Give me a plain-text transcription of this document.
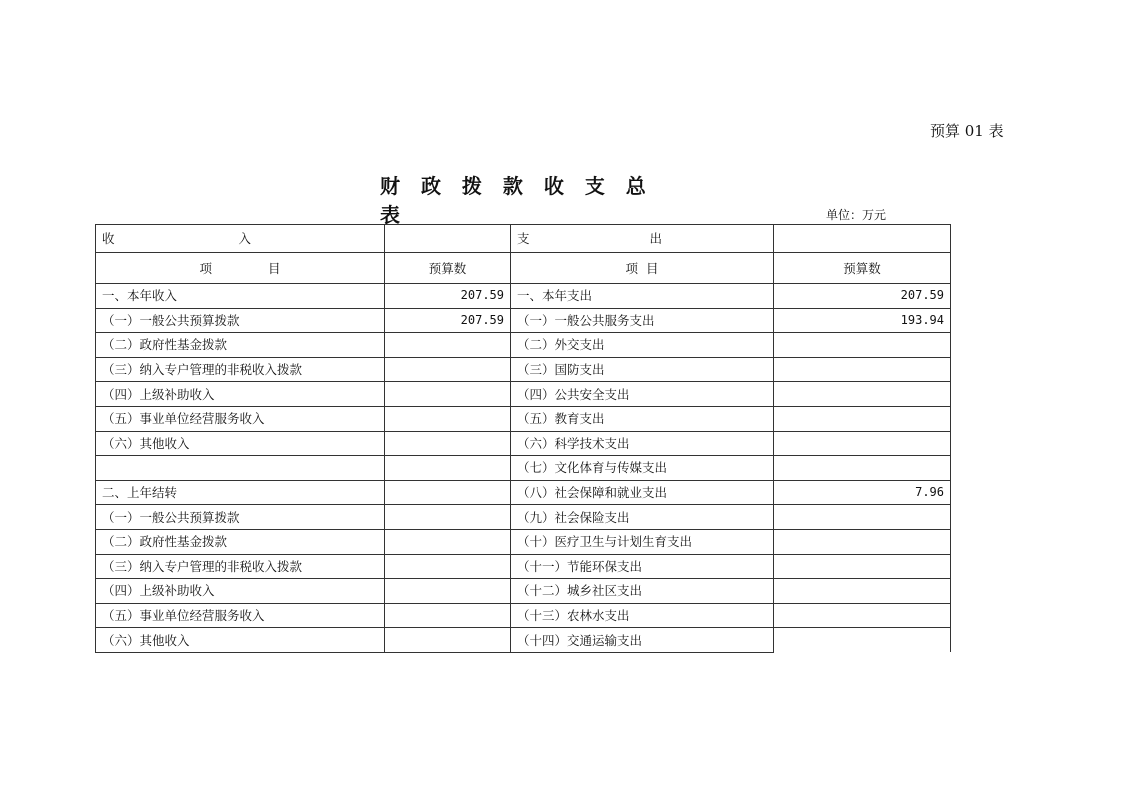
预算 01 表
财 政 拨 款 收 支 总 表	单位：万元
收 入		支 出	
项 目	预算数	项 目	预算数
一、本年收入	207.59	一、本年支出	207.59
（一）一般公共预算拨款	207.59	（一）一般公共服务支出	193.94
（二）政府性基金拨款		（二）外交支出	
（三）纳入专户管理的非税收入拨款		（三）国防支出	
（四）上级补助收入		（四）公共安全支出	
（五）事业单位经营服务收入		（五）教育支出	
（六）其他收入		（六）科学技术支出	
		（七）文化体育与传媒支出	
二、上年结转		（八）社会保障和就业支出	7.96
（一）一般公共预算拨款		（九）社会保险支出	
（二）政府性基金拨款		（十）医疗卫生与计划生育支出	
（三）纳入专户管理的非税收入拨款		（十一）节能环保支出	
（四）上级补助收入		（十二）城乡社区支出	
（五）事业单位经营服务收入		（十三）农林水支出	
（六）其他收入		（十四）交通运输支出	
